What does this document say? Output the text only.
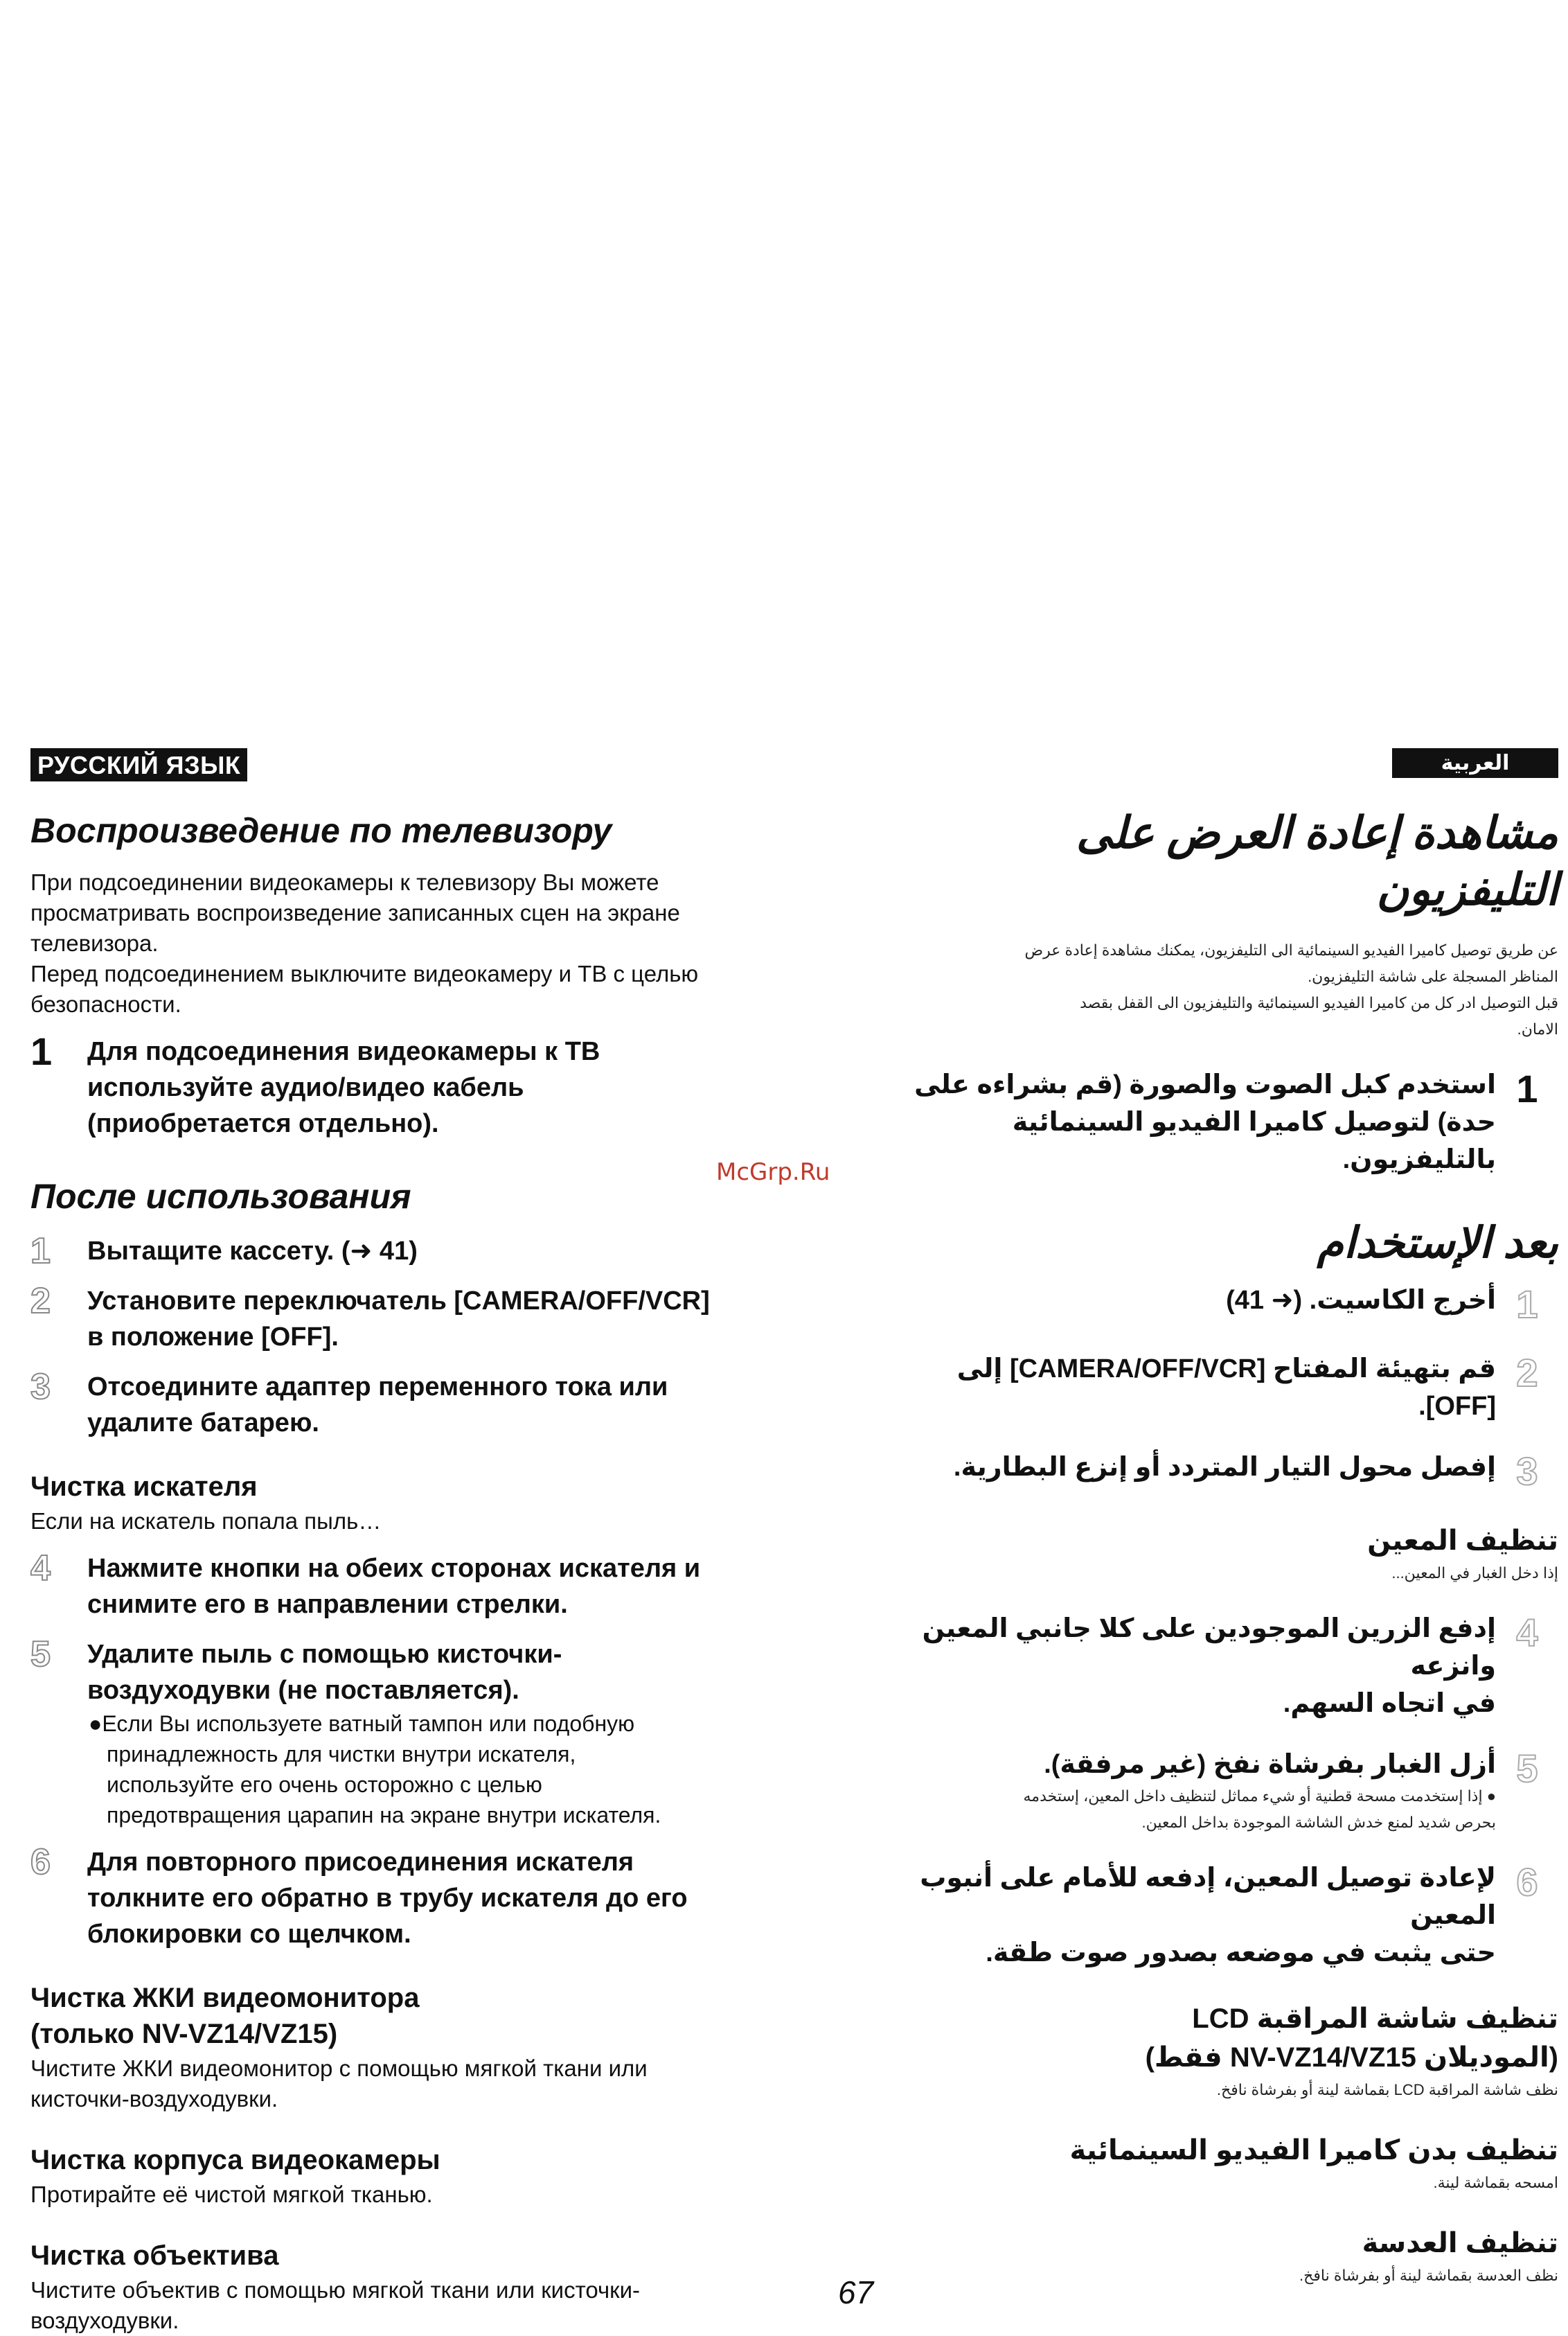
РУССКИЙ ЯЗЫК
Воспроизведение по телевизору

При подсоединении видеокамеры к телевизору Вы можете

просматривать воспроизведение записанных сцен на экране

телевизора.

Перед подсоединением выключите видеокамеру и ТВ с целью

безопасности.

1	Для подсоединения видеокамеры к ТВ
используйте аудио/видео кабель
(приобретается отдельно).
После использования
1	Вытащите кассету. (➜ 41)
2	Установите переключатель [CAMERA/OFF/VCR]
в положение [OFF].
3	Отсоедините адаптер переменного тока или
удалите батарею.
Чистка искателя

Если на искатель попала пыль…

4	Нажмите кнопки на обеих сторонах искателя и
снимите его в направлении стрелки.
5	Удалите пыль с помощью кисточки-
воздуходувки (не поставляется).
●Если Вы используете ватный тампон или подобную
принадлежность для чистки внутри искателя,
используйте его очень осторожно с целью
предотвращения царапин на экране внутри искателя.
6	Для повторного присоединения искателя
толкните его обратно в трубу искателя до его
блокировки со щелчком.
Чистка ЖКИ видеомонитора
(только NV-VZ14/VZ15)

Чистите ЖКИ видеомонитор с помощью мягкой ткани или

кисточки-воздуходувки.

Чистка корпуса видеокамеры

Протирайте её чистой мягкой тканью.

Чистка объектива

Чистите объектив с помощью мягкой ткани или кисточки-

воздуходувки.

McGrp.Ru
العربية
مشاهدة إعادة العرض على
التليفزيون

عن طريق توصيل كاميرا الفيديو السينمائية الى التليفزيون، يمكنك مشاهدة إعادة عرض

المناظر المسجلة على شاشة التليفزيون.

قبل التوصيل ادر كل من كاميرا الفيديو السينمائية والتليفزيون الى القفل بقصد

الامان.

1
استخدم كبل الصوت والصورة (قم بشراءه على
حدة) لتوصيل كاميرا الفيديو السينمائية
بالتليفزيون.
بعد الإستخدام
1
أخرج الكاسيت. (➜ 41)
2
قم بتهيئة المفتاح [CAMERA/OFF/VCR] إلى
[OFF].
3
إفصل محول التيار المتردد أو إنزع البطارية.
تنظيف المعين

إذا دخل الغبار في المعين...

4
إدفع الزرين الموجودين على كلا جانبي المعين وانزعه
في اتجاه السهم.
5
أزل الغبار بفرشاة نفخ (غير مرفقة).
● إذا إستخدمت مسحة قطنية أو شيء مماثل لتنظيف داخل المعين، إستخدمه
بحرص شديد لمنع خدش الشاشة الموجودة بداخل المعين.
6
لإعادة توصيل المعين، إدفعه للأمام على أنبوب المعين
حتى يثبت في موضعه بصدور صوت طقة.
تنظيف شاشة المراقبة LCD
(الموديلان NV-VZ14/VZ15 فقط)

نظف شاشة المراقبة LCD بقماشة لينة أو بفرشاة نافخ.

تنظيف بدن كاميرا الفيديو السينمائية

امسحه بقماشة لينة.

تنظيف العدسة

نظف العدسة بقماشة لينة أو بفرشاة نافخ.

67
